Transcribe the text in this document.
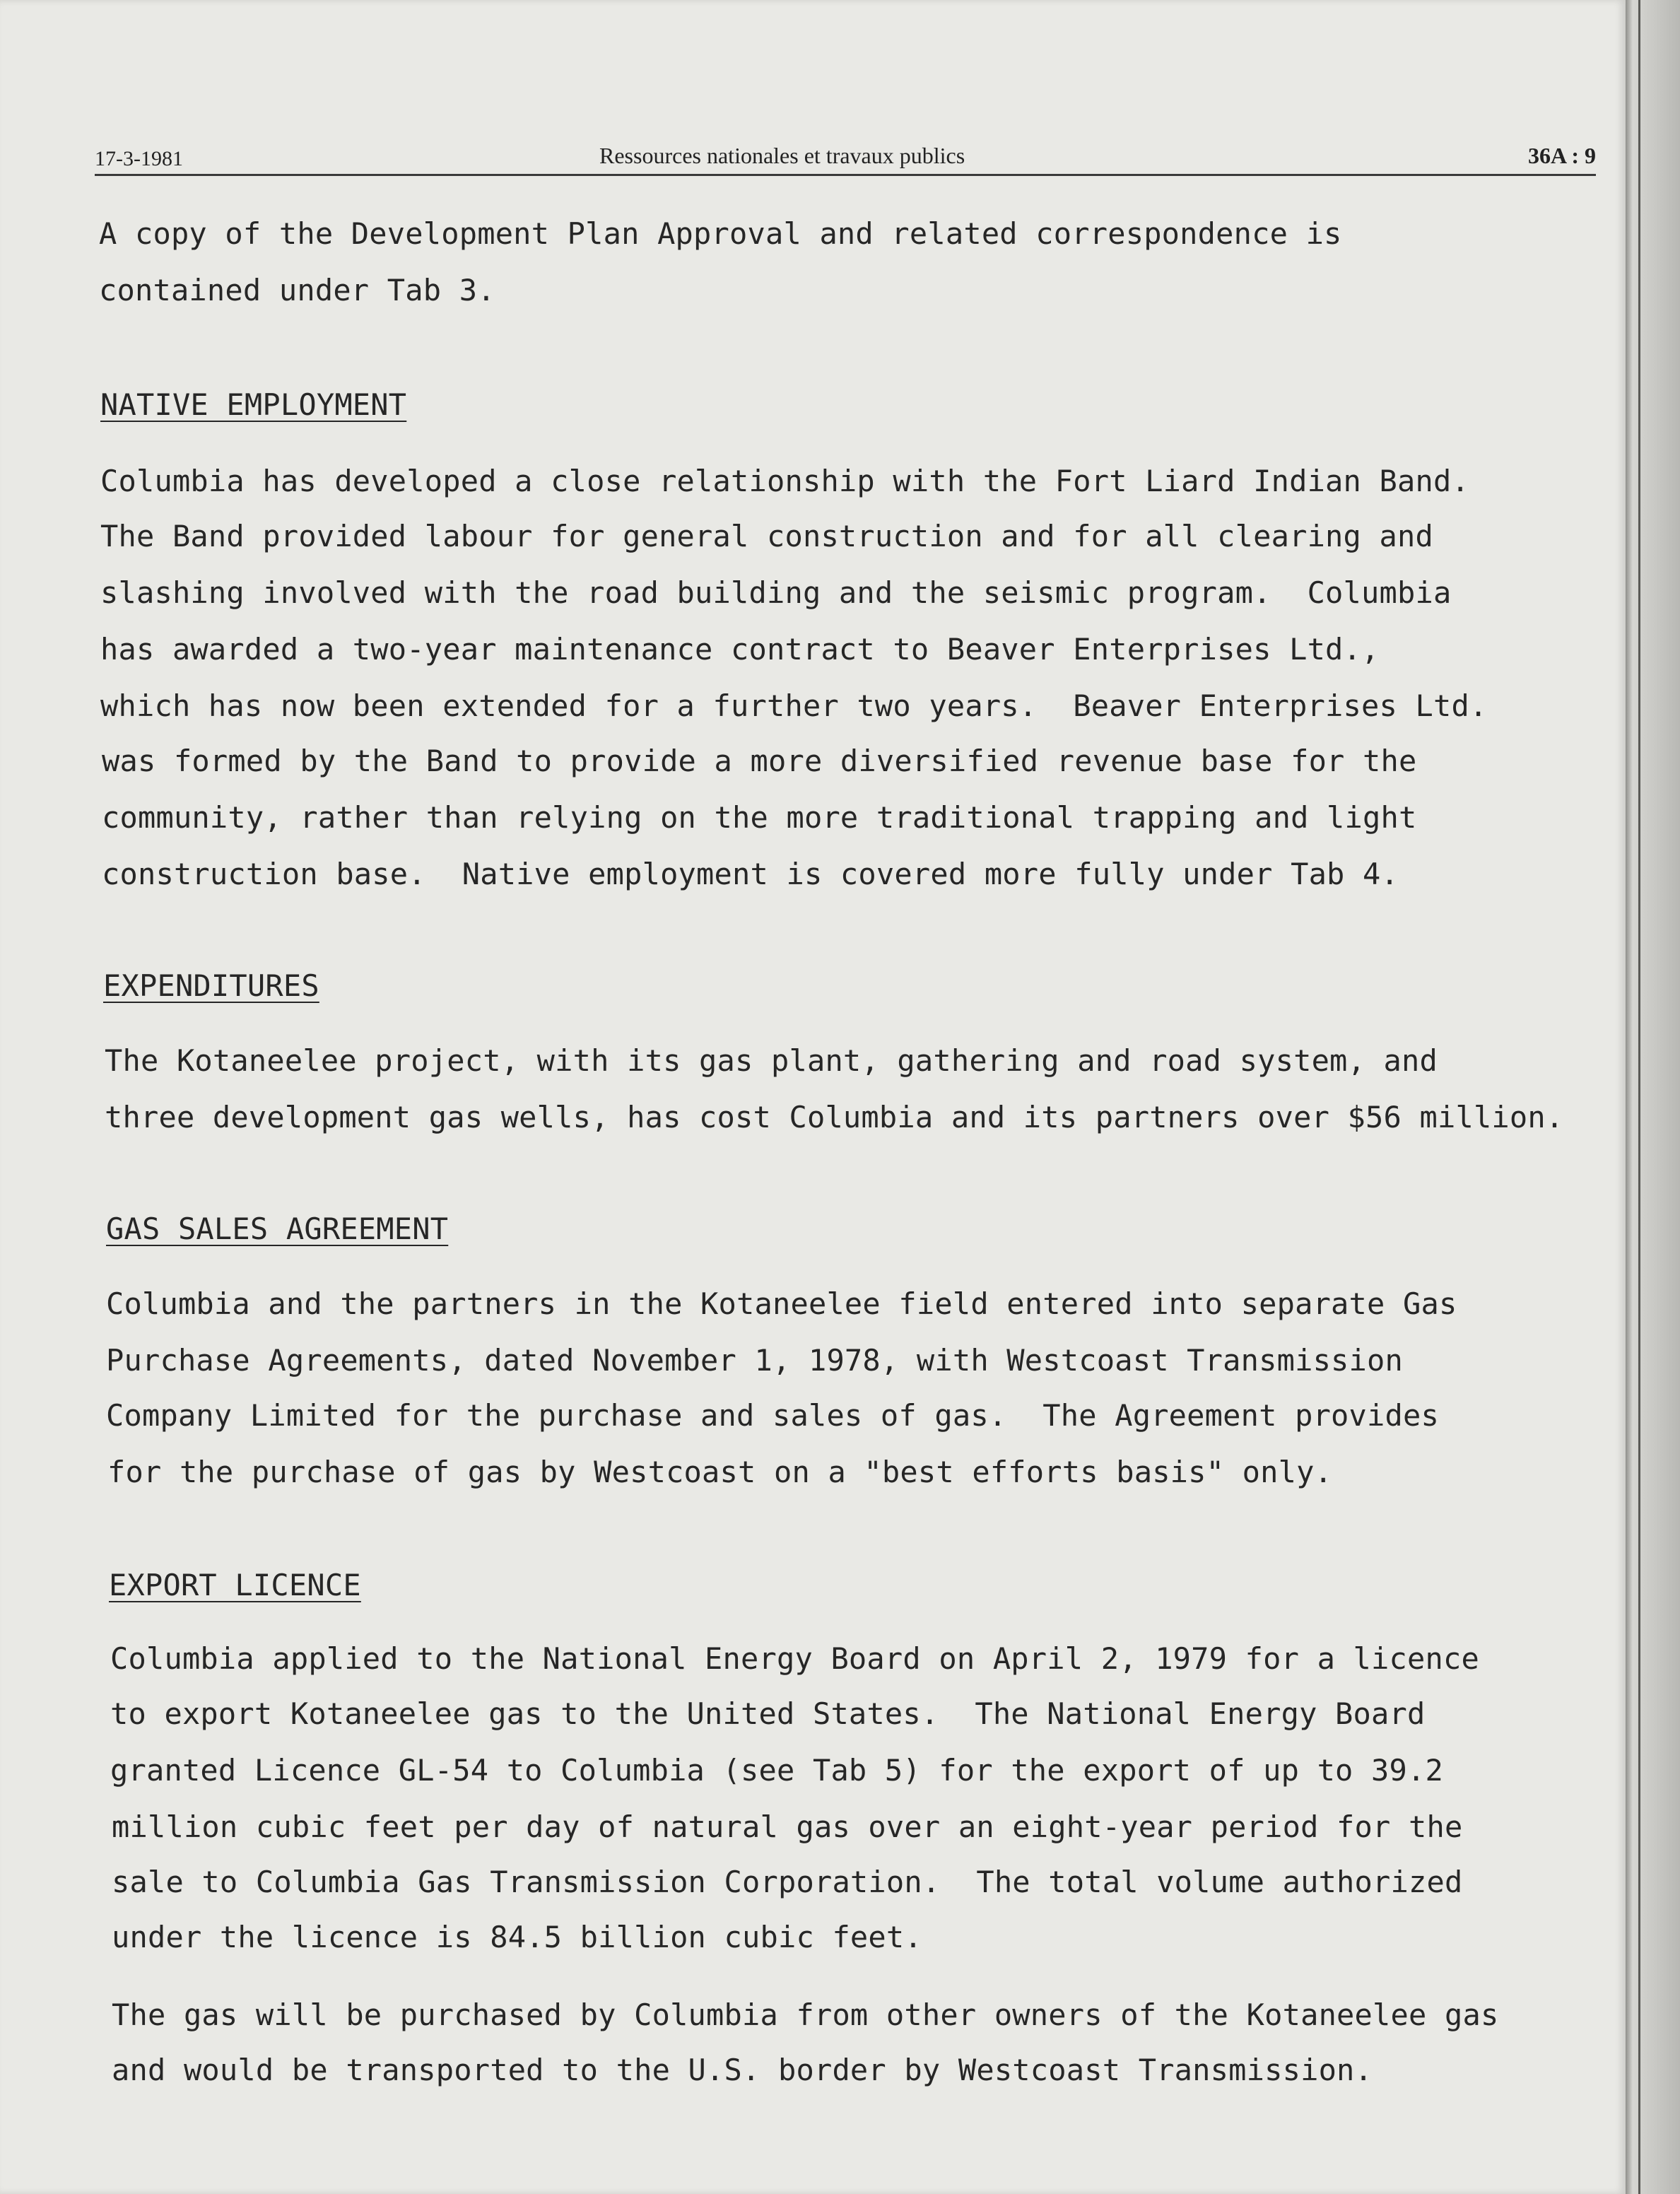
17-3-1981	Ressources nationales et travaux publics	36A : 9
A copy of the Development Plan Approval and related correspondence is
contained under Tab 3.
NATIVE EMPLOYMENT
Columbia has developed a close relationship with the Fort Liard Indian Band.
The Band provided labour for general construction and for all clearing and
slashing involved with the road building and the seismic program.  Columbia
has awarded a two-year maintenance contract to Beaver Enterprises Ltd.,
which has now been extended for a further two years.  Beaver Enterprises Ltd.
was formed by the Band to provide a more diversified revenue base for the
community, rather than relying on the more traditional trapping and light
construction base.  Native employment is covered more fully under Tab 4.
EXPENDITURES
The Kotaneelee project, with its gas plant, gathering and road system, and
three development gas wells, has cost Columbia and its partners over $56 million.
GAS SALES AGREEMENT
Columbia and the partners in the Kotaneelee field entered into separate Gas
Purchase Agreements, dated November 1, 1978, with Westcoast Transmission
Company Limited for the purchase and sales of gas.  The Agreement provides
for the purchase of gas by Westcoast on a "best efforts basis" only.
EXPORT LICENCE
Columbia applied to the National Energy Board on April 2, 1979 for a licence
to export Kotaneelee gas to the United States.  The National Energy Board
granted Licence GL-54 to Columbia (see Tab 5) for the export of up to 39.2
million cubic feet per day of natural gas over an eight-year period for the
sale to Columbia Gas Transmission Corporation.  The total volume authorized
under the licence is 84.5 billion cubic feet.
The gas will be purchased by Columbia from other owners of the Kotaneelee gas
and would be transported to the U.S. border by Westcoast Transmission.
